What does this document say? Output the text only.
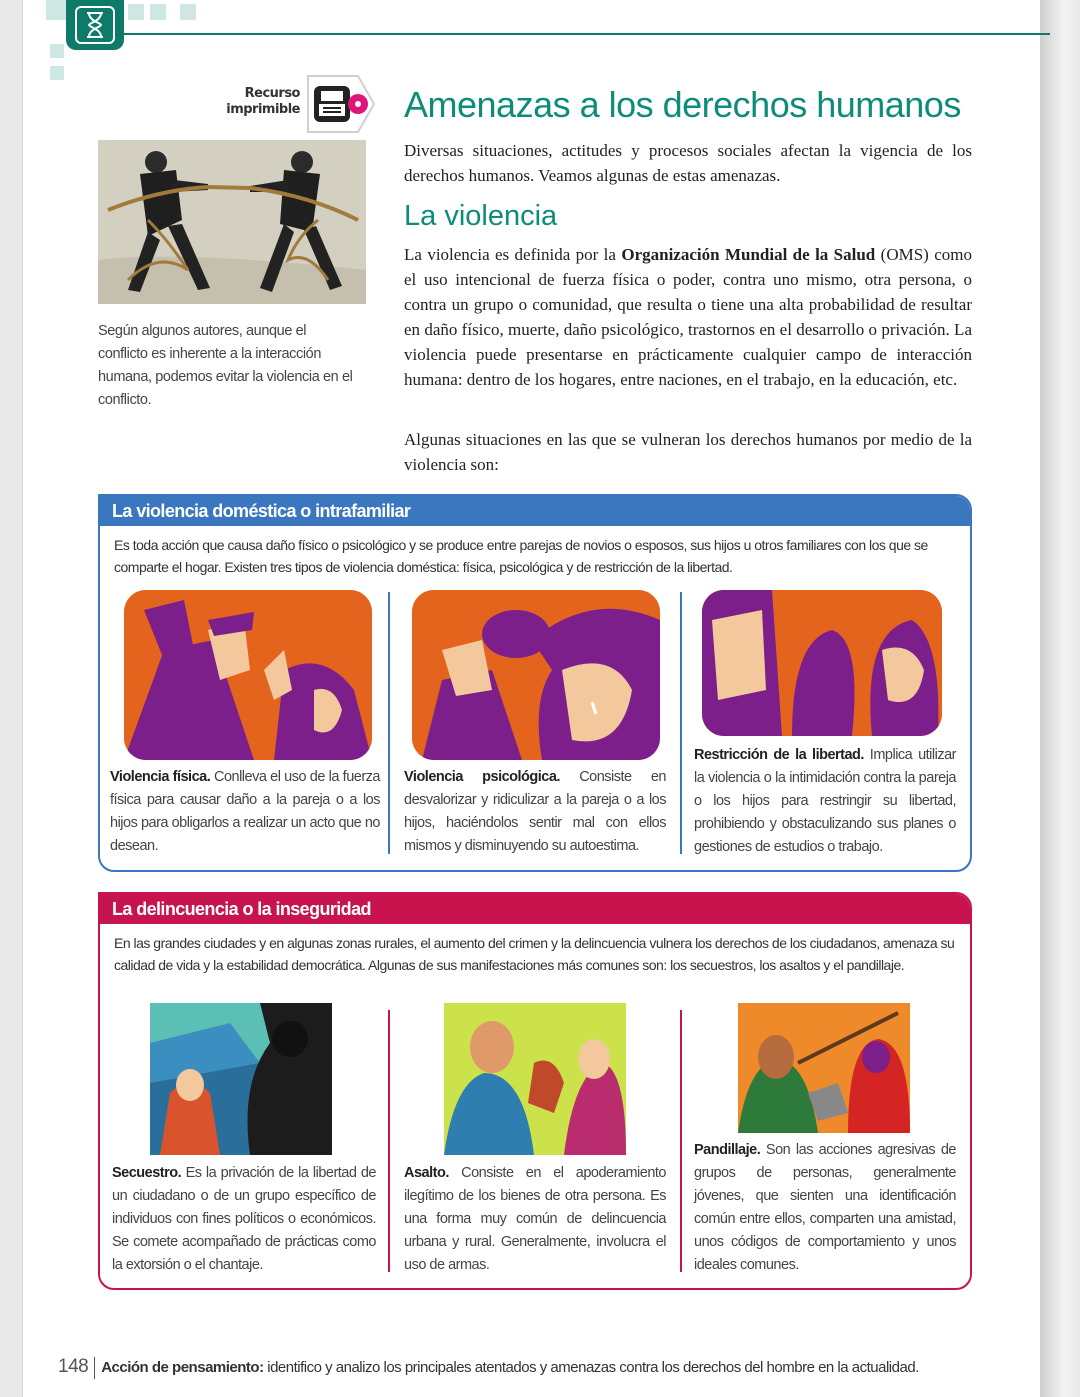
Recurso
imprimible	Amenazas a los derechos humanos
Diversas situaciones, actitudes y procesos sociales afectan la vigencia de los derechos humanos. Veamos algunas de estas amenazas.
La violencia
La violencia es definida por la Organización Mundial de la Salud (OMS) como el uso intencional de fuerza física o poder, contra uno mismo, otra persona, o contra un grupo o comunidad, que resulta o tiene una alta probabilidad de resultar en daño físico, muerte, daño psicológico, trastornos en el desarrollo o privación. La violencia puede presentarse en prácticamente cualquier campo de interacción humana: dentro de los hogares, entre naciones, en el trabajo, en la educación, etc.
Algunas situaciones en las que se vulneran los derechos humanos por medio de la violencia son:
Según algunos autores, aunque el conflicto es inherente a la interacción humana, podemos evitar la violencia en el conflicto.
La violencia doméstica o intrafamiliar
Es toda acción que causa daño físico o psicológico y se produce entre parejas de novios o esposos, sus hijos u otros familiares con los que se comparte el hogar. Existen tres tipos de violencia doméstica: física, psicológica y de restricción de la libertad.
Violencia física. Conlleva el uso de la fuerza física para causar daño a la pareja o a los hijos para obligarlos a realizar un acto que no desean.
Violencia psicológica. Consiste en desvalorizar y ridiculizar a la pareja o a los hijos, haciéndolos sentir mal con ellos mismos y disminuyendo su autoestima.
Restricción de la libertad. Implica utilizar la violencia o la intimidación contra la pareja o los hijos para restringir su libertad, prohibiendo y obstaculizando sus planes o gestiones de estudios o trabajo.
La delincuencia o la inseguridad
En las grandes ciudades y en algunas zonas rurales, el aumento del crimen y la delincuencia vulnera los derechos de los ciudadanos, amenaza su calidad de vida y la estabilidad democrática. Algunas de sus manifestaciones más comunes son: los secuestros, los asaltos y el pandillaje.
Secuestro. Es la privación de la libertad de un ciudadano o de un grupo específico de individuos con fines políticos o económicos. Se comete acompañado de prácticas como la extorsión o el chantaje.
Asalto. Consiste en el apoderamiento ilegítimo de los bienes de otra persona. Es una forma muy común de delincuencia urbana y rural. Generalmente, involucra el uso de armas.
Pandillaje. Son las acciones agresivas de grupos de personas, generalmente jóvenes, que sienten una identificación común entre ellos, comparten una amistad, unos códigos de comportamiento y unos ideales comunes.
148 Acción de pensamiento: identifico y analizo los principales atentados y amenazas contra los derechos del hombre en la actualidad.
